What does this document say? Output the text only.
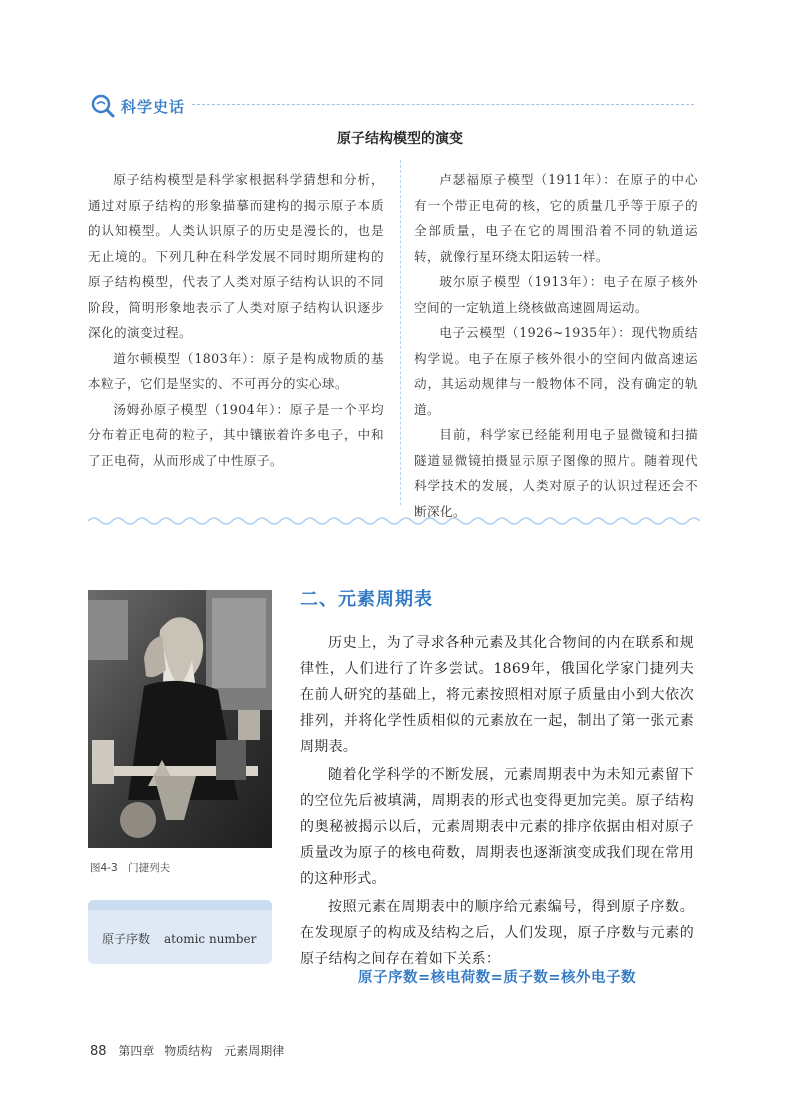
科学史话
原子结构模型的演变

原子结构模型是科学家根据科学猜想和分析，通过对原子结构的形象描摹而建构的揭示原子本质的认知模型。人类认识原子的历史是漫长的，也是无止境的。下列几种在科学发展不同时期所建构的原子结构模型，代表了人类对原子结构认识的不同阶段，简明形象地表示了人类对原子结构认识逐步深化的演变过程。

道尔顿模型（1803年）：原子是构成物质的基本粒子，它们是坚实的、不可再分的实心球。

汤姆孙原子模型（1904年）：原子是一个平均分布着正电荷的粒子，其中镶嵌着许多电子，中和了正电荷，从而形成了中性原子。

卢瑟福原子模型（1911年）：在原子的中心有一个带正电荷的核，它的质量几乎等于原子的全部质量，电子在它的周围沿着不同的轨道运转，就像行星环绕太阳运转一样。

玻尔原子模型（1913年）：电子在原子核外空间的一定轨道上绕核做高速圆周运动。

电子云模型（1926~1935年）：现代物质结构学说。电子在原子核外很小的空间内做高速运动，其运动规律与一般物体不同，没有确定的轨道。

目前，科学家已经能利用电子显微镜和扫描隧道显微镜拍摄显示原子图像的照片。随着现代科学技术的发展，人类对原子的认识过程还会不断深化。

图4-3　门捷列夫
原子序数 atomic number
二、元素周期表

历史上，为了寻求各种元素及其化合物间的内在联系和规律性，人们进行了许多尝试。1869年，俄国化学家门捷列夫在前人研究的基础上，将元素按照相对原子质量由小到大依次排列，并将化学性质相似的元素放在一起，制出了第一张元素周期表。

随着化学科学的不断发展，元素周期表中为未知元素留下的空位先后被填满，周期表的形式也变得更加完美。原子结构的奥秘被揭示以后，元素周期表中元素的排序依据由相对原子质量改为原子的核电荷数，周期表也逐渐演变成我们现在常用的这种形式。

按照元素在周期表中的顺序给元素编号，得到原子序数。在发现原子的构成及结构之后，人们发现，原子序数与元素的原子结构之间存在着如下关系：

原子序数=核电荷数=质子数=核外电子数
88 第四章 物质结构　元素周期律
